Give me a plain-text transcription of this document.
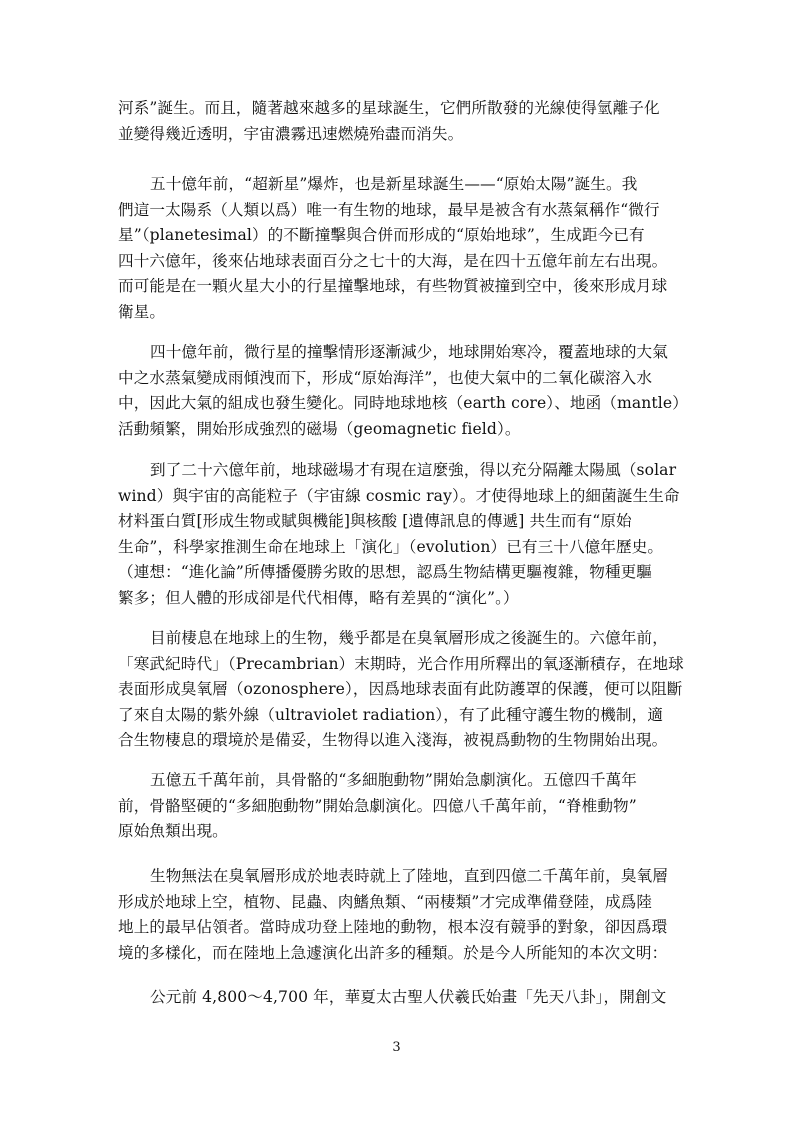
河系”誕生。而且，隨著越來越多的星球誕生，它們所散發的光線使得氫離子化
並變得幾近透明，宇宙濃霧迅速燃燒殆盡而消失。
五十億年前，“超新星”爆炸，也是新星球誕生——“原始太陽”誕生。我
們這一太陽系（人類以爲）唯一有生物的地球，最早是被含有水蒸氣稱作“微行
星”（planetesimal）的不斷撞擊與合併而形成的“原始地球”，生成距今已有
四十六億年，後來佔地球表面百分之七十的大海，是在四十五億年前左右出現。
而可能是在一顆火星大小的行星撞擊地球，有些物質被撞到空中，後來形成月球
衛星。
四十億年前，微行星的撞擊情形逐漸減少，地球開始寒冷，覆蓋地球的大氣
中之水蒸氣變成雨傾洩而下，形成“原始海洋”，也使大氣中的二氧化碳溶入水
中，因此大氣的組成也發生變化。同時地球地核（earth core）、地函（mantle）
活動頻繁，開始形成強烈的磁場（geomagnetic field）。
到了二十六億年前，地球磁場才有現在這麼強，得以充分隔離太陽風（solar
wind）與宇宙的高能粒子（宇宙線 cosmic ray）。才使得地球上的細菌誕生生命
材料蛋白質[形成生物或賦與機能]與核酸 [遺傳訊息的傳遞] 共生而有“原始
生命”，科學家推測生命在地球上「演化」（evolution）已有三十八億年歷史。
（連想：“進化論”所傳播優勝劣敗的思想，認爲生物結構更驅複雜，物種更驅
繁多；但人體的形成卻是代代相傳，略有差異的“演化”。）
目前棲息在地球上的生物，幾乎都是在臭氧層形成之後誕生的。六億年前，
「寒武紀時代」（Precambrian）末期時，光合作用所釋出的氧逐漸積存，在地球
表面形成臭氧層（ozonosphere），因爲地球表面有此防護罩的保護，便可以阻斷
了來自太陽的紫外線（ultraviolet radiation），有了此種守護生物的機制，適
合生物棲息的環境於是備妥，生物得以進入淺海，被視爲動物的生物開始出現。
五億五千萬年前，具骨骼的“多細胞動物”開始急劇演化。五億四千萬年
前，骨骼堅硬的“多細胞動物”開始急劇演化。四億八千萬年前，“脊椎動物”
原始魚類出現。
生物無法在臭氧層形成於地表時就上了陸地，直到四億二千萬年前，臭氧層
形成於地球上空，植物、昆蟲、肉鰭魚類、“兩棲類”才完成準備登陸，成爲陸
地上的最早佔領者。當時成功登上陸地的動物，根本沒有競爭的對象，卻因爲環
境的多樣化，而在陸地上急遽演化出許多的種類。於是今人所能知的本次文明：
公元前 4,800～4,700 年，華夏太古聖人伏羲氏始畫「先天八卦」，開創文
3
